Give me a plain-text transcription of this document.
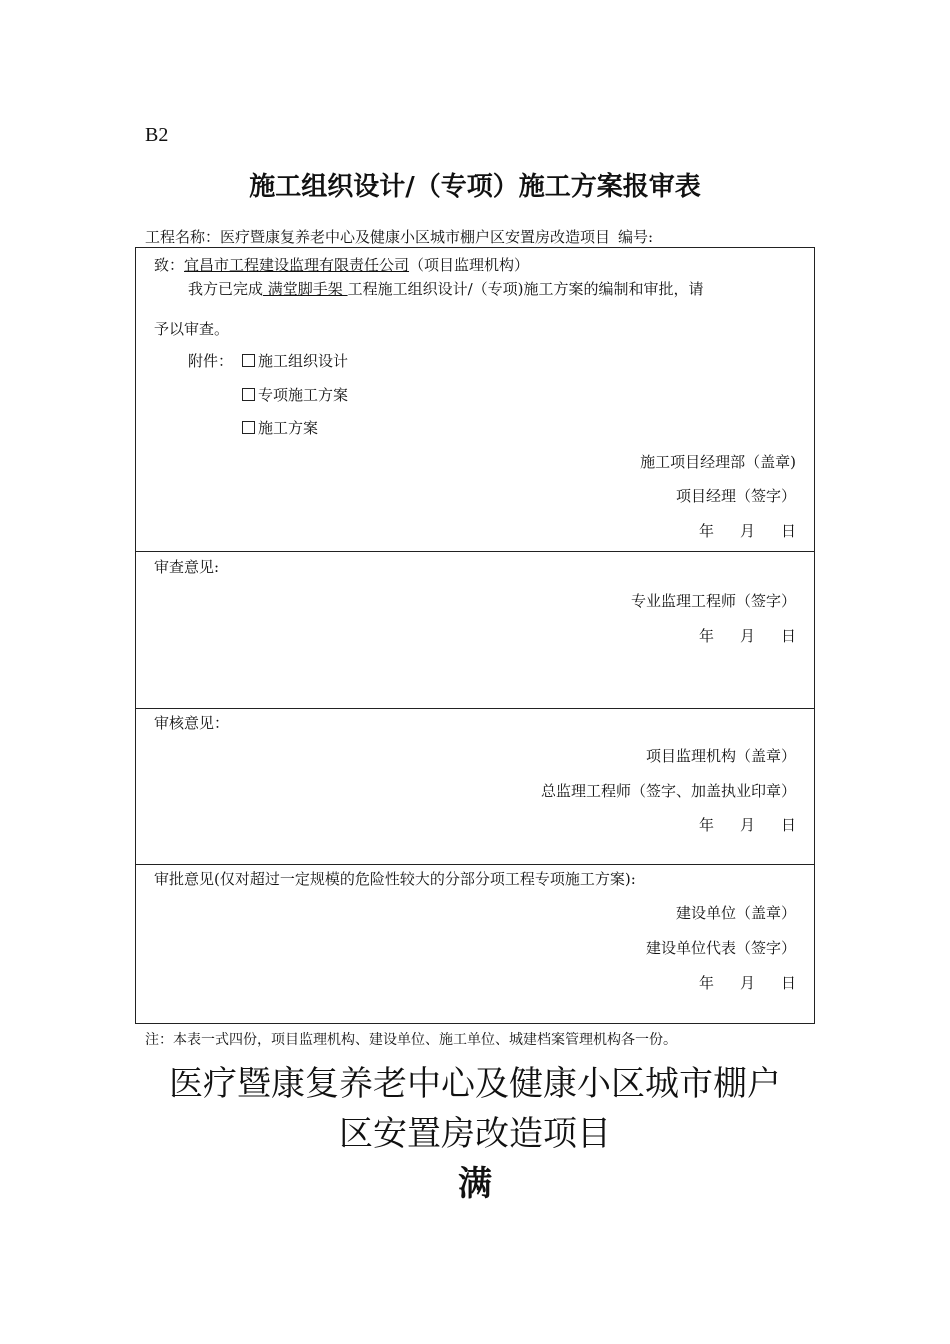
B2
施工组织设计/（专项）施工方案报审表
工程名称：医疗暨康复养老中心及健康小区城市棚户区安置房改造项目 编号:
致：宜昌市工程建设监理有限责任公司（项目监理机构）
我方已完成 满堂脚手架 工程施工组织设计/（专项)施工方案的编制和审批，请
予以审查。
附件：	施工组织设计
专项施工方案
施工方案
施工项目经理部（盖章)
项目经理（签字）
年 月 日
审查意见:
专业监理工程师（签字）
年 月 日
审核意见：
项目监理机构（盖章）
总监理工程师（签字、加盖执业印章）
年 月 日
审批意见(仅对超过一定规模的危险性较大的分部分项工程专项施工方案):
建设单位（盖章）
建设单位代表（签字）
年 月 日
注：本表一式四份，项目监理机构、建设单位、施工单位、城建档案管理机构各一份。
医疗暨康复养老中心及健康小区城市棚户
区安置房改造项目
满
